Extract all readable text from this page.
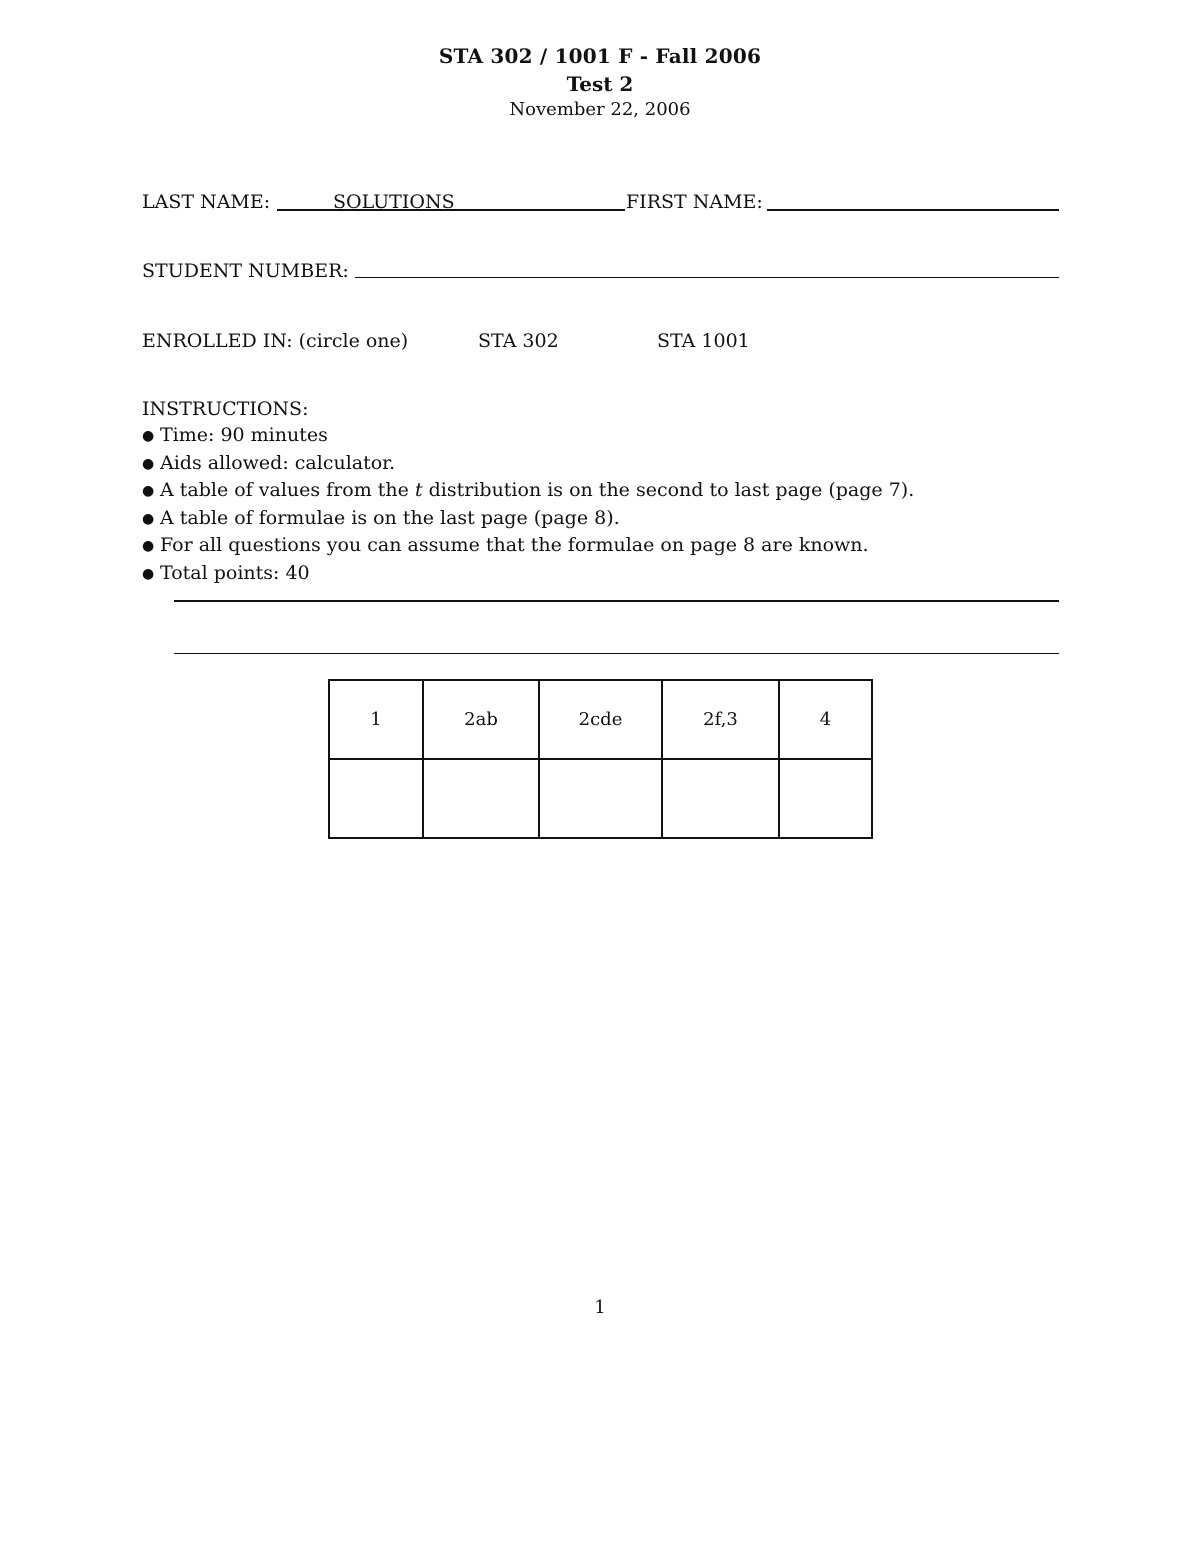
STA 302 / 1001 F - Fall 2006
Test 2
November 22, 2006
LAST NAME:	SOLUTIONS	FIRST NAME:
STUDENT NUMBER:
ENROLLED IN: (circle one)	STA 302	STA 1001
INSTRUCTIONS:
● Time: 90 minutes
● Aids allowed: calculator.
● A table of values from the t distribution is on the second to last page (page 7).
● A table of formulae is on the last page (page 8).
● For all questions you can assume that the formulae on page 8 are known.
● Total points: 40
1	2ab	2cde	2f,3	4

1
